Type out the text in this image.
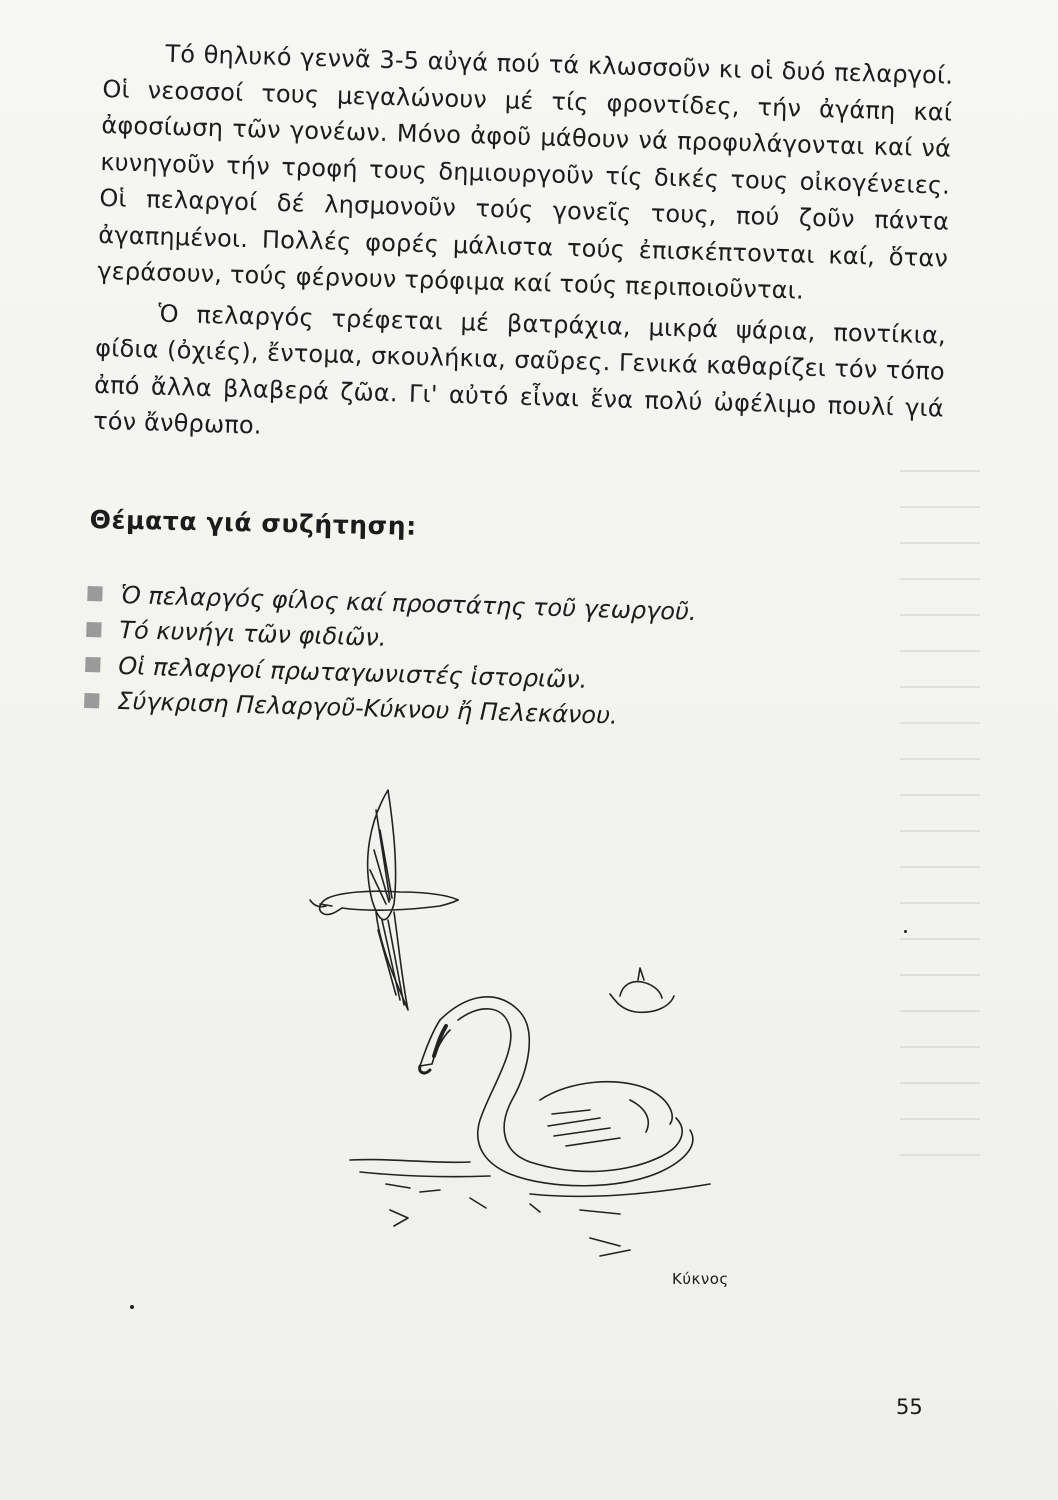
Τό θηλυκό γεννᾶ 3-5 αὐγά πού τά κλωσσοῦν κι οἱ δυό πελαργοί. Οἱ νεοσσοί τους μεγαλώνουν μέ τίς φροντίδες, τήν ἀγάπη καί ἀφοσίωση τῶν γονέων. Μόνο ἀφοῦ μάθουν νά προφυλάγονται καί νά κυνηγοῦν τήν τροφή τους δημιουργοῦν τίς δικές τους οἰκογένειες. Οἱ πελαργοί δέ λησμονοῦν τούς γονεῖς τους, πού ζοῦν πάντα ἀγαπημένοι. Πολλές φορές μάλιστα τούς ἐπισκέπτονται καί, ὅταν γεράσουν, τούς φέρνουν τρόφιμα καί τούς περιποιοῦνται.

Ὁ πελαργός τρέφεται μέ βατράχια, μικρά ψάρια, ποντίκια, φίδια (ὀχιές), ἔντομα, σκουλήκια, σαῦρες. Γενικά καθαρίζει τόν τόπο ἀπό ἄλλα βλαβερά ζῶα. Γι' αὐτό εἶναι ἕνα πολύ ὠφέλιμο πουλί γιά τόν ἄνθρωπο.

Θέματα γιά συζήτηση:
Ὁ πελαργός φίλος καί προστάτης τοῦ γεωργοῦ.
Τό κυνήγι τῶν φιδιῶν.
Οἱ πελαργοί πρωταγωνιστές ἱστοριῶν.
Σύγκριση Πελαργοῦ-Κύκνου ἤ Πελεκάνου.
Κύκνος
55
